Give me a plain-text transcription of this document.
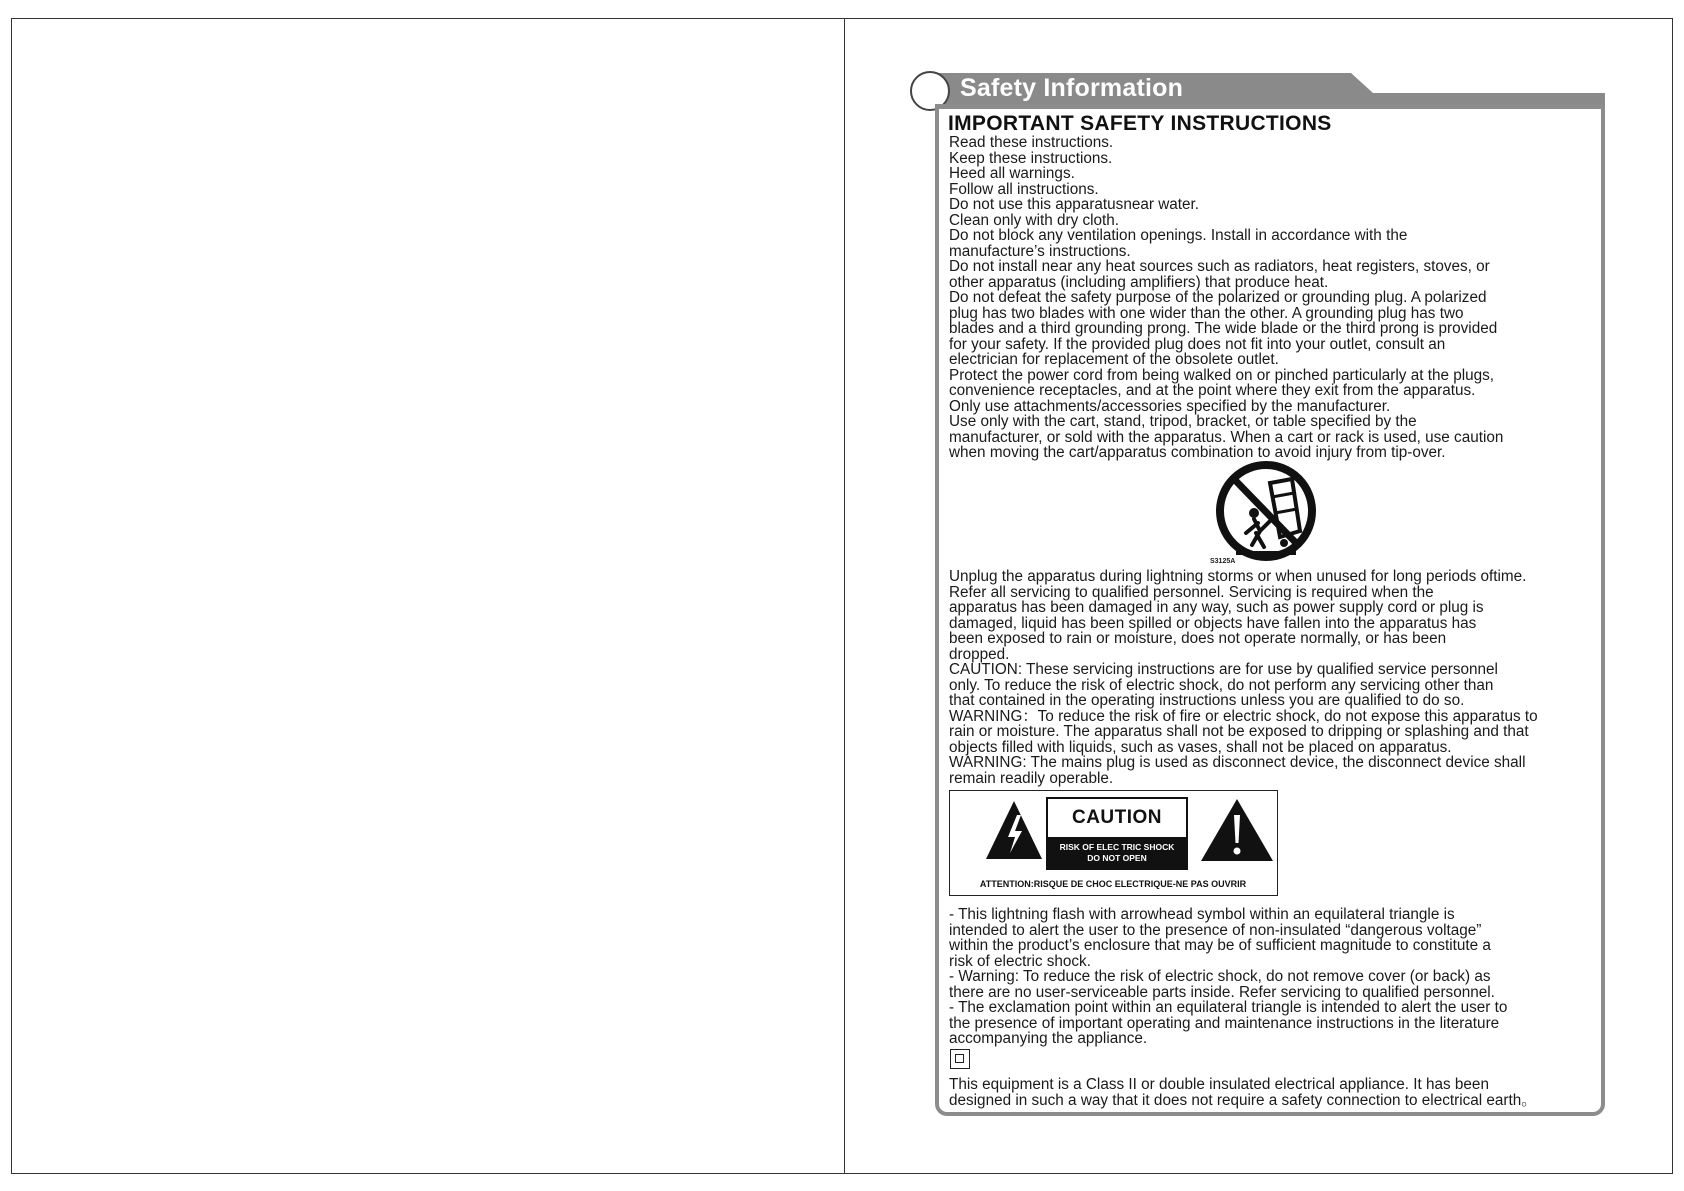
Safety Information
IMPORTANT SAFETY INSTRUCTIONS

Read these instructions.

Keep these instructions.

Heed all warnings.

Follow all instructions.

Do not use this apparatusnear water.

Clean only with dry cloth.

Do not block any ventilation openings. Install in accordance with the

manufacture’s instructions.

Do not install near any heat sources such as radiators, heat registers, stoves, or

other apparatus (including amplifiers) that produce heat.

Do not defeat the safety purpose of the polarized or grounding plug. A polarized

plug has two blades with one wider than the other. A grounding plug has two

blades and a third grounding prong. The wide blade or the third prong is provided

for your safety. If the provided plug does not fit into your outlet, consult an

electrician for replacement of the obsolete outlet.

Protect the power cord from being walked on or pinched particularly at the plugs,

convenience receptacles, and at the point where they exit from the apparatus.

Only use attachments/accessories specified by the manufacturer.

Use only with the cart, stand, tripod, bracket, or table specified by the

manufacturer, or sold with the apparatus. When a cart or rack is used, use caution

when moving the cart/apparatus combination to avoid injury from tip-over.

S3125A

Unplug the apparatus during lightning storms or when unused for long periods oftime.

Refer all servicing to qualified personnel. Servicing is required when the

apparatus has been damaged in any way, such as power supply cord or plug is

damaged, liquid has been spilled or objects have fallen into the apparatus has

been exposed to rain or moisture, does not operate normally, or has been

dropped.

CAUTION: These servicing instructions are for use by qualified service personnel

only. To reduce the risk of electric shock, do not perform any servicing other than

that contained in the operating instructions unless you are qualified to do so.

WARNING：To reduce the risk of fire or electric shock, do not expose this apparatus to

rain or moisture. The apparatus shall not be exposed to dripping or splashing and that

objects filled with liquids, such as vases, shall not be placed on apparatus.

WARNING: The mains plug is used as disconnect device, the disconnect device shall

remain readily operable.

CAUTION
RISK OF ELEC TRIC SHOCK
DO NOT OPEN
ATTENTION:RISQUE DE CHOC ELECTRIQUE-NE PAS OUVRIR

- This lightning flash with arrowhead symbol within an equilateral triangle is

intended to alert the user to the presence of non-insulated “dangerous voltage”

within the product’s enclosure that may be of sufficient magnitude to constitute a

risk of electric shock.

- Warning: To reduce the risk of electric shock, do not remove cover (or back) as

there are no user-serviceable parts inside. Refer servicing to qualified personnel.

- The exclamation point within an equilateral triangle is intended to alert the user to

the presence of important operating and maintenance instructions in the literature

accompanying the appliance.

This equipment is a Class II or double insulated electrical appliance. It has been

designed in such a way that it does not require a safety connection to electrical earth。
